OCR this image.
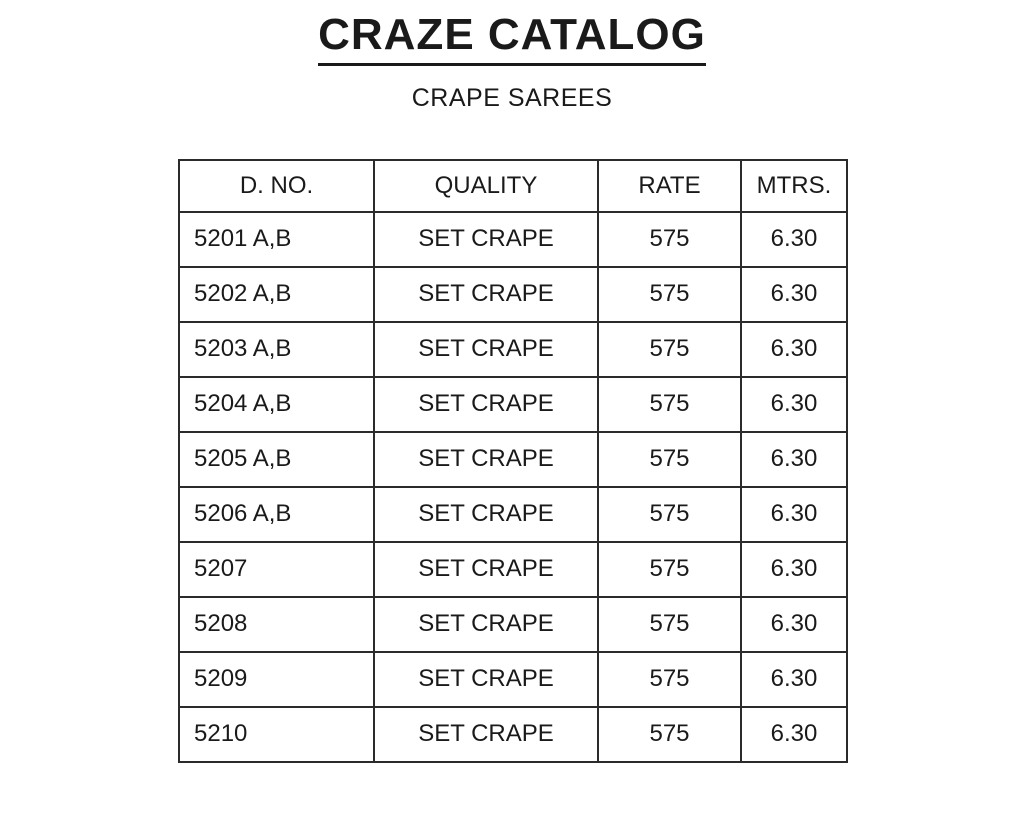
CRAZE CATALOG
CRAPE SAREES
D. NO.	QUALITY	RATE	MTRS.
5201 A,B	SET CRAPE	575	6.30
5202 A,B	SET CRAPE	575	6.30
5203 A,B	SET CRAPE	575	6.30
5204 A,B	SET CRAPE	575	6.30
5205 A,B	SET CRAPE	575	6.30
5206 A,B	SET CRAPE	575	6.30
5207	SET CRAPE	575	6.30
5208	SET CRAPE	575	6.30
5209	SET CRAPE	575	6.30
5210	SET CRAPE	575	6.30
